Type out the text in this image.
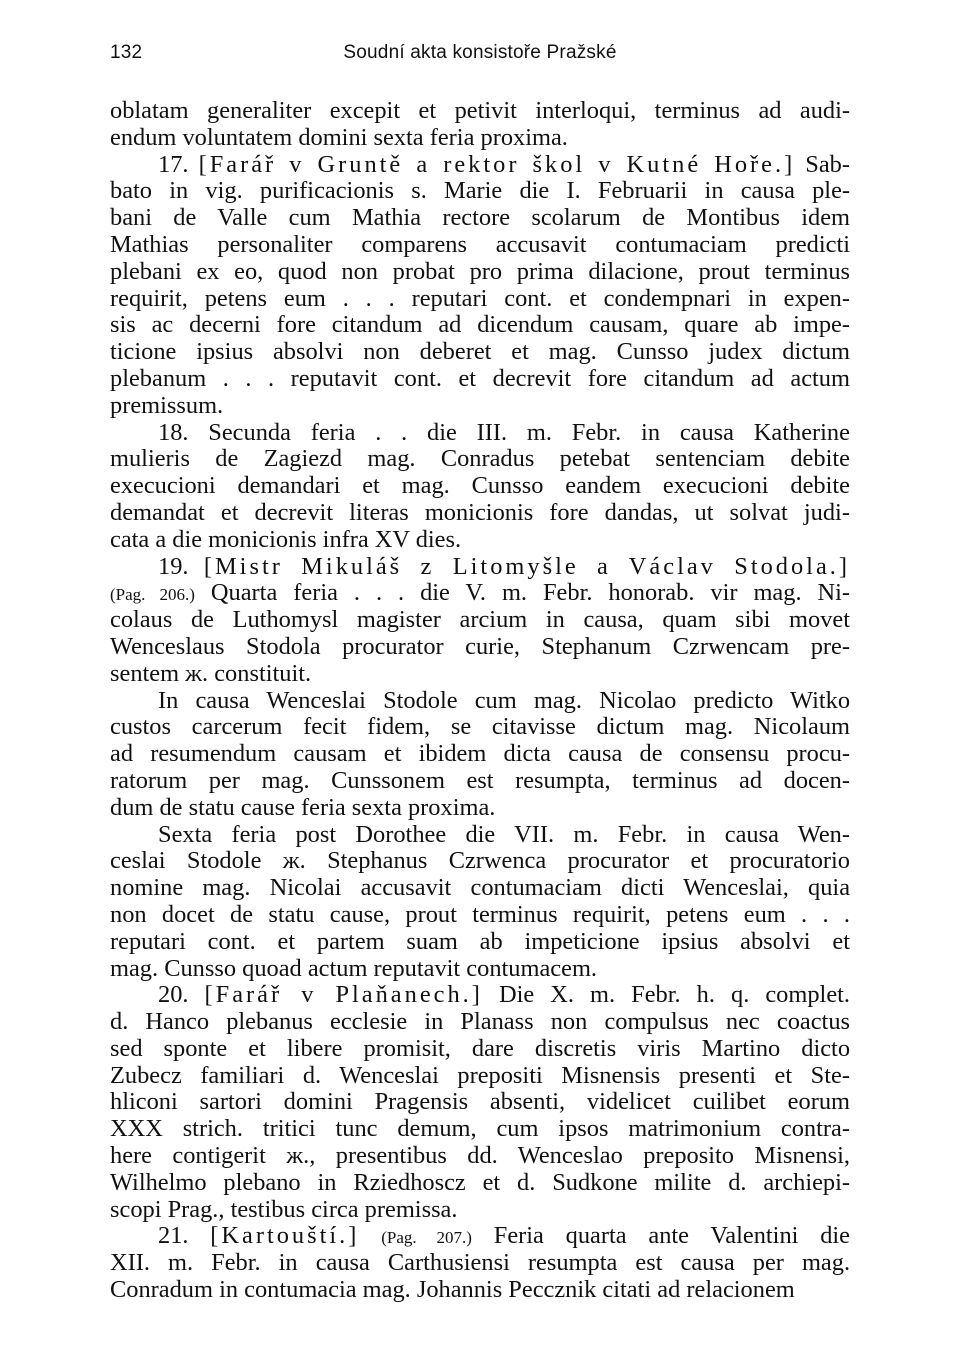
132	Soudní akta konsistoře Pražské
oblatam generaliter excepit et petivit interloqui, terminus ad audi-
endum voluntatem domini sexta feria proxima.
17. [Farář v Gruntě a rektor škol v Kutné Hoře.] Sab-
bato in vig. purificacionis s. Marie die I. Februarii in causa ple-
bani de Valle cum Mathia rectore scolarum de Montibus idem
Mathias personaliter comparens accusavit contumaciam predicti
plebani ex eo, quod non probat pro prima dilacione, prout terminus
requirit, petens eum . . . reputari cont. et condempnari in expen-
sis ac decerni fore citandum ad dicendum causam, quare ab impe-
ticione ipsius absolvi non deberet et mag. Cunsso judex dictum
plebanum . . . reputavit cont. et decrevit fore citandum ad actum
premissum.
18. Secunda feria . . die III. m. Febr. in causa Katherine
mulieris de Zagiezd mag. Conradus petebat sentenciam debite
execucioni demandari et mag. Cunsso eandem execucioni debite
demandat et decrevit literas monicionis fore dandas, ut solvat judi-
cata a die monicionis infra XV dies.
19. [Mistr Mikuláš z Litomyšle a Václav Stodola.]
(Pag. 206.) Quarta feria . . . die V. m. Febr. honorab. vir mag. Ni-
colaus de Luthomysl magister arcium in causa, quam sibi movet
Wenceslaus Stodola procurator curie, Stephanum Czrwencam pre-
sentem ж. constituit.
In causa Wenceslai Stodole cum mag. Nicolao predicto Witko
custos carcerum fecit fidem, se citavisse dictum mag. Nicolaum
ad resumendum causam et ibidem dicta causa de consensu procu-
ratorum per mag. Cunssonem est resumpta, terminus ad docen-
dum de statu cause feria sexta proxima.
Sexta feria post Dorothee die VII. m. Febr. in causa Wen-
ceslai Stodole ж. Stephanus Czrwenca procurator et procuratorio
nomine mag. Nicolai accusavit contumaciam dicti Wenceslai, quia
non docet de statu cause, prout terminus requirit, petens eum . . .
reputari cont. et partem suam ab impeticione ipsius absolvi et
mag. Cunsso quoad actum reputavit contumacem.
20. [Farář v Plaňanech.] Die X. m. Febr. h. q. complet.
d. Hanco plebanus ecclesie in Planass non compulsus nec coactus
sed sponte et libere promisit, dare discretis viris Martino dicto
Zubecz familiari d. Wenceslai prepositi Misnensis presenti et Ste-
hliconi sartori domini Pragensis absenti, videlicet cuilibet eorum
XXX strich. tritici tunc demum, cum ipsos matrimonium contra-
here contigerit ж., presentibus dd. Wenceslao preposito Misnensi,
Wilhelmo plebano in Rziedhoscz et d. Sudkone milite d. archiepi-
scopi Prag., testibus circa premissa.
21. [Kartouští.] (Pag. 207.) Feria quarta ante Valentini die
XII. m. Febr. in causa Carthusiensi resumpta est causa per mag.
Conradum in contumacia mag. Johannis Peccznik citati ad relacionem
